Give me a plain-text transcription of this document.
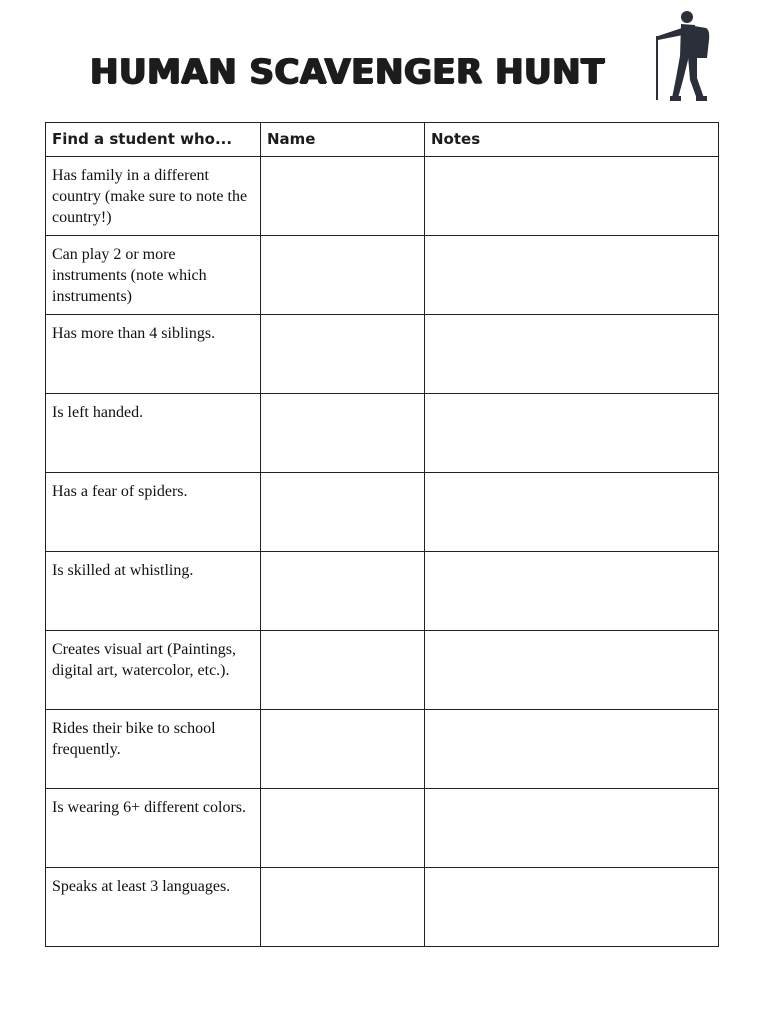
HUMAN SCAVENGER HUNT
Find a student who...	Name	Notes
Has family in a different country (make sure to note the country!)		
Can play 2 or more instruments (note which instruments)		
Has more than 4 siblings.		
Is left handed.		
Has a fear of spiders.		
Is skilled at whistling.		
Creates visual art (Paintings, digital art, watercolor, etc.).		
Rides their bike to school frequently.		
Is wearing 6+ different colors.		
Speaks at least 3 languages.		
